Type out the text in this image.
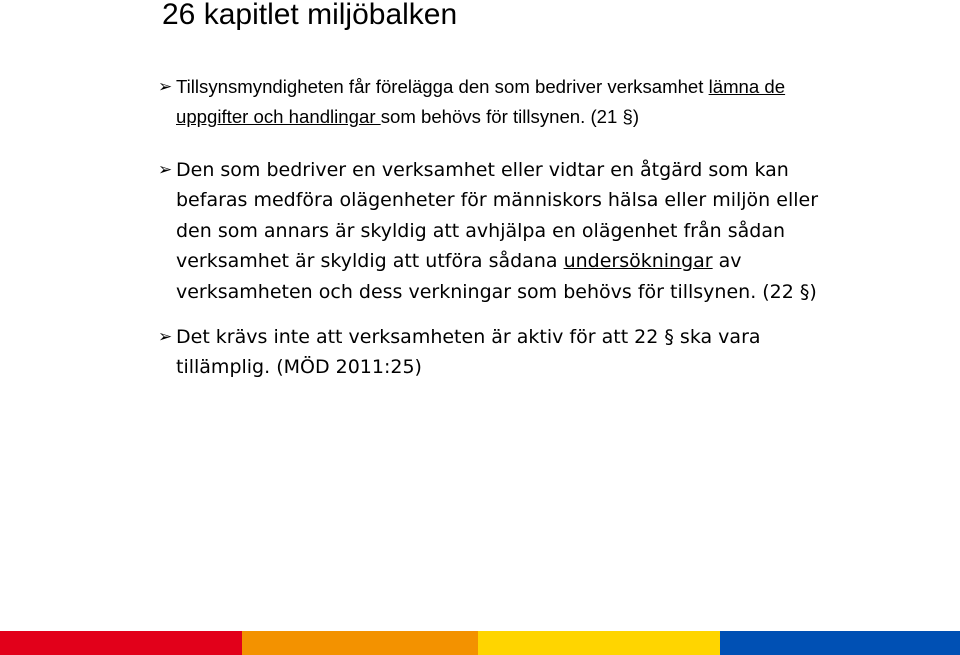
26 kapitlet miljöbalken

➢ Tillsynsmyndigheten får förelägga den som bedriver verksamhet lämna de uppgifter och handlingar som behövs för tillsynen. (21 §)

➢ Den som bedriver en verksamhet eller vidtar en åtgärd som kan befaras medföra olägenheter för människors hälsa eller miljön eller den som annars är skyldig att avhjälpa en olägenhet från sådan verksamhet är skyldig att utföra sådana undersökningar av verksamheten och dess verkningar som behövs för tillsynen. (22 §)

➢ Det krävs inte att verksamheten är aktiv för att 22 § ska vara tillämplig. (MÖD 2011:25)
